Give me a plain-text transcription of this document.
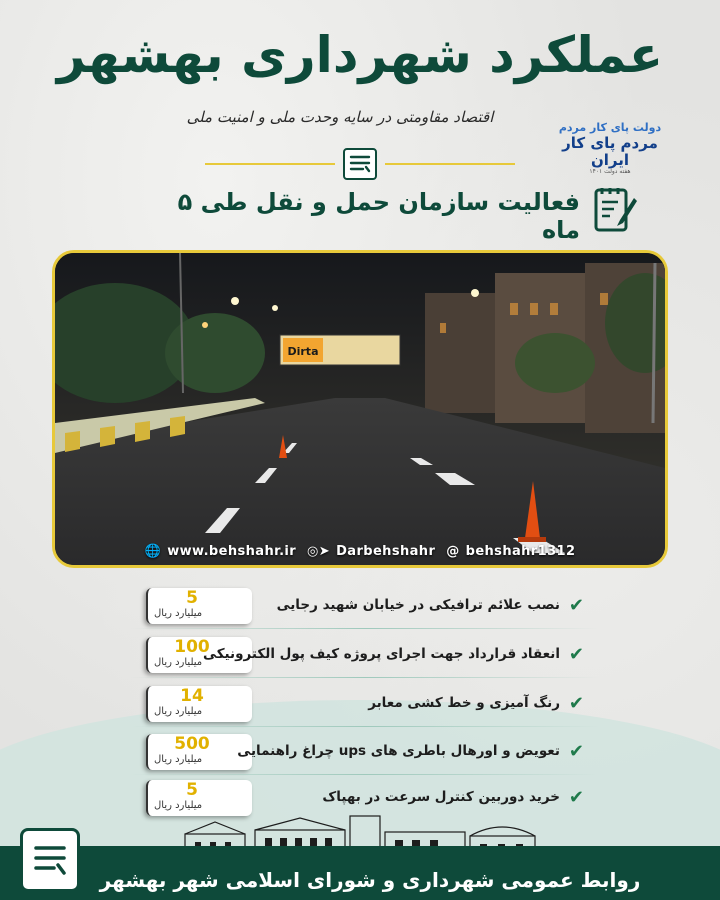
عملکرد شهرداری بهشهر
اقتصاد مقاومتی در سایه وحدت ملی و امنیت ملی
دولت پای کار مردم
مردم پای کار ایران
هفته دولت ۱۴۰۱
فعالیت سازمان حمل و نقل طی ۵ ماه
Dirta
🌐 www.behshahr.ir ◎➤ Darbehshahr @ behshahr1312
5
میلیارد ریال
نصب علائم ترافیکی در خیابان شهید رجایی ✔
100
میلیارد ریال
انعقاد قرارداد جهت اجرای پروژه کیف پول الکترونیکی ✔
14
میلیارد ریال
رنگ آمیزی و خط کشی معابر ✔
500
میلیارد ریال
تعویض و اورهال باطری های ups چراغ راهنمایی ✔
5
میلیارد ریال
خرید دوربین کنترل سرعت در بهپاک ✔
روابط عمومی شهرداری و شورای اسلامی شهر بهشهر
